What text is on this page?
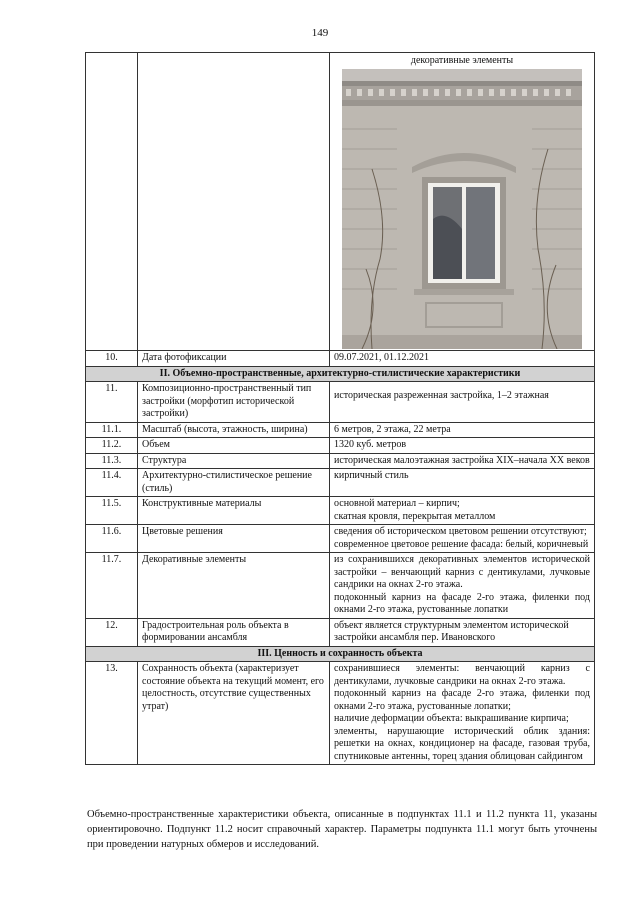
149

		декоративные элементы

10.	Дата фотофиксации	09.07.2021, 01.12.2021
II. Объемно-пространственные, архитектурно-стилистические характеристики		
11.	Композиционно-пространственный тип застройки (морфотип исторической застройки)	историческая разреженная застройка, 1–2 этажная
11.1.	Масштаб (высота, этажность, ширина)	6 метров, 2 этажа, 22 метра
11.2.	Объем	1320 куб. метров
11.3.	Структура	историческая малоэтажная застройка XIX–начала XX веков
11.4.	Архитектурно-стилистическое решение (стиль)	кирпичный стиль
11.5.	Конструктивные материалы	основной материал – кирпич;
скатная кровля, перекрытая металлом

11.6.	Цветовые решения	сведения об историческом цветовом решении отсутствуют;
современное цветовое решение фасада: белый, коричневый

11.7.	Декоративные элементы	из сохранившихся декоративных элементов исторической застройки – венчающий карниз с дентикулами, лучковые сандрики на окнах 2-го этажа.
подоконный карниз на фасаде 2-го этажа, филенки под окнами 2-го этажа, рустованные лопатки

12.	Градостроительная роль объекта в формировании ансамбля	объект является структурным элементом исторической застройки ансамбля пер. Ивановского
III. Ценность и сохранность объекта		
13.	Сохранность объекта (характеризует состояние объекта на текущий момент, его целостность, отсутствие существенных утрат)	сохранившиеся элементы: венчающий карниз с дентикулами, лучковые сандрики на окнах 2-го этажа.
подоконный карниз на фасаде 2-го этажа, филенки под окнами 2-го этажа, рустованные лопатки;
наличие деформации объекта: выкрашивание кирпича;
элементы, нарушающие исторический облик здания: решетки на окнах, кондиционер на фасаде, газовая труба, спутниковые антенны, торец здания облицован сайдингом
Объемно-пространственные характеристики объекта, описанные в подпунктах 11.1 и 11.2 пункта 11, указаны ориентировочно. Подпункт 11.2 носит справочный характер. Параметры подпункта 11.1 могут быть уточнены при проведении натурных обмеров и исследований.
